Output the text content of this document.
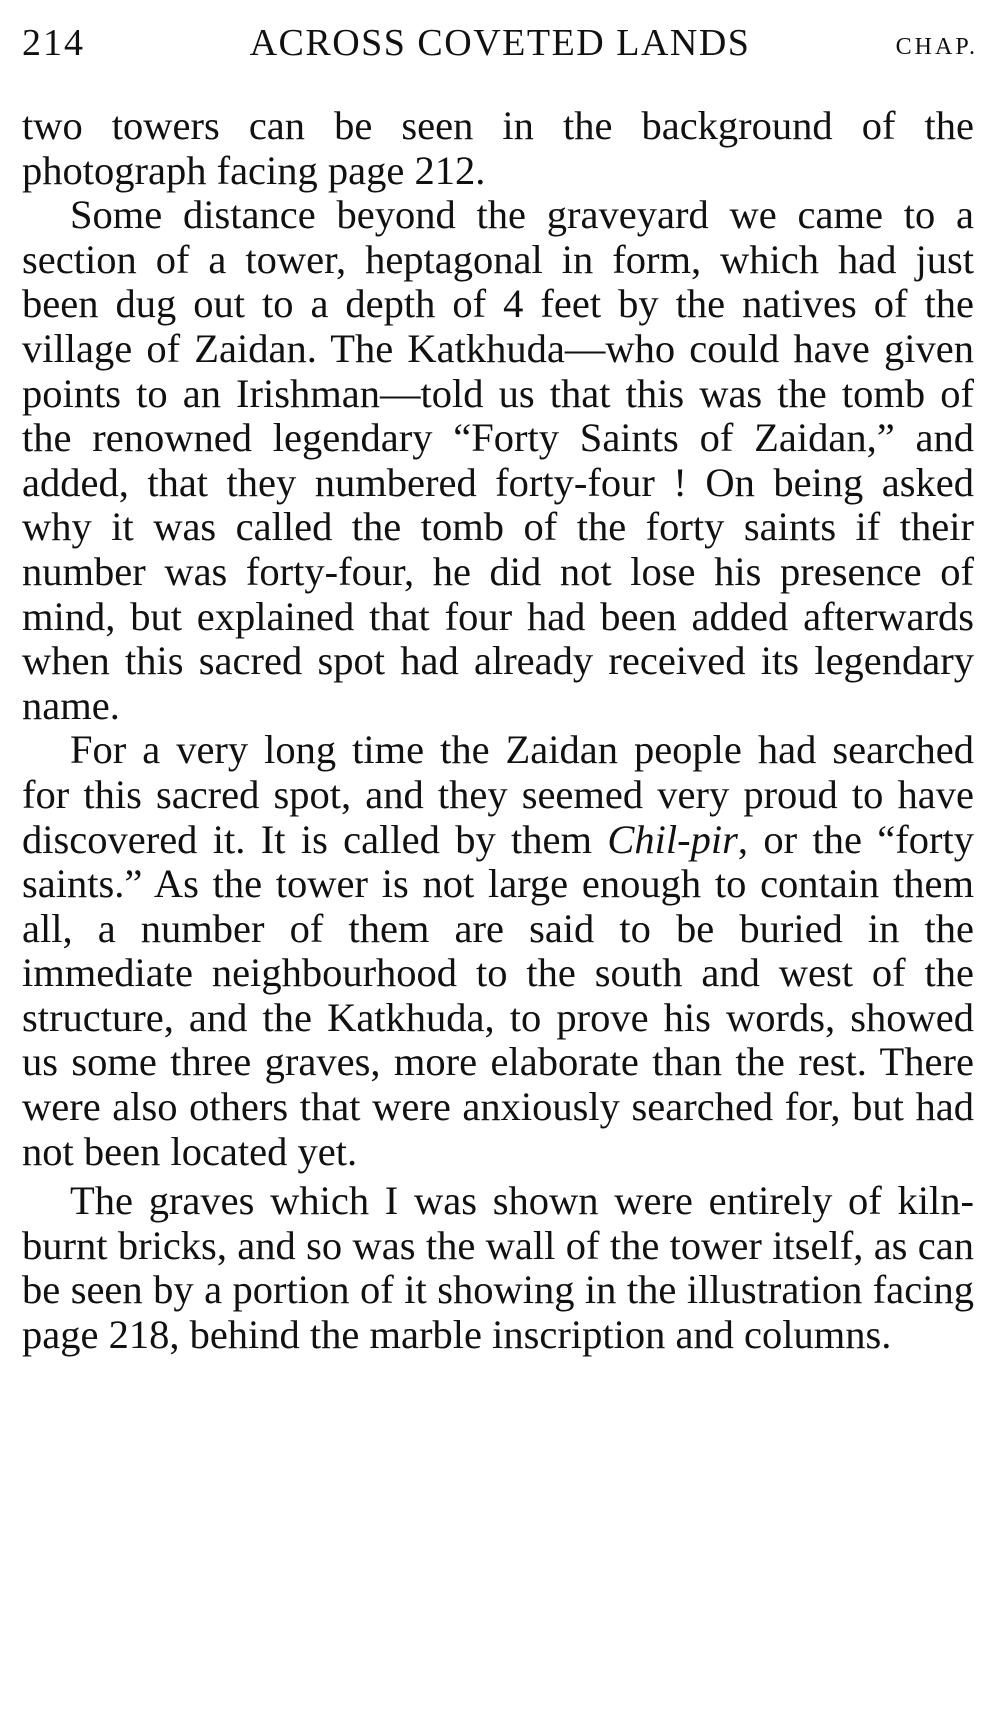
214	ACROSS COVETED LANDS	CHAP.

two towers can be seen in the background of the photograph facing page 212.

Some distance beyond the graveyard we came to a section of a tower, heptagonal in form, which had just been dug out to a depth of 4 feet by the natives of the village of Zaidan. The Katkhuda—who could have given points to an Irishman—told us that this was the tomb of the renowned legendary “Forty Saints of Zaidan,” and added, that they numbered forty-four ! On being asked why it was called the tomb of the forty saints if their number was forty-four, he did not lose his presence of mind, but explained that four had been added afterwards when this sacred spot had already received its legendary name.

For a very long time the Zaidan people had searched for this sacred spot, and they seemed very proud to have discovered it. It is called by them Chil-pir, or the “forty saints.” As the tower is not large enough to contain them all, a number of them are said to be buried in the immediate neighbourhood to the south and west of the structure, and the Katkhuda, to prove his words, showed us some three graves, more elaborate than the rest. There were also others that were anxiously searched for, but had not been located yet.

The graves which I was shown were entirely of kiln-burnt bricks, and so was the wall of the tower itself, as can be seen by a portion of it showing in the illustration facing page 218, behind the marble inscription and columns.
